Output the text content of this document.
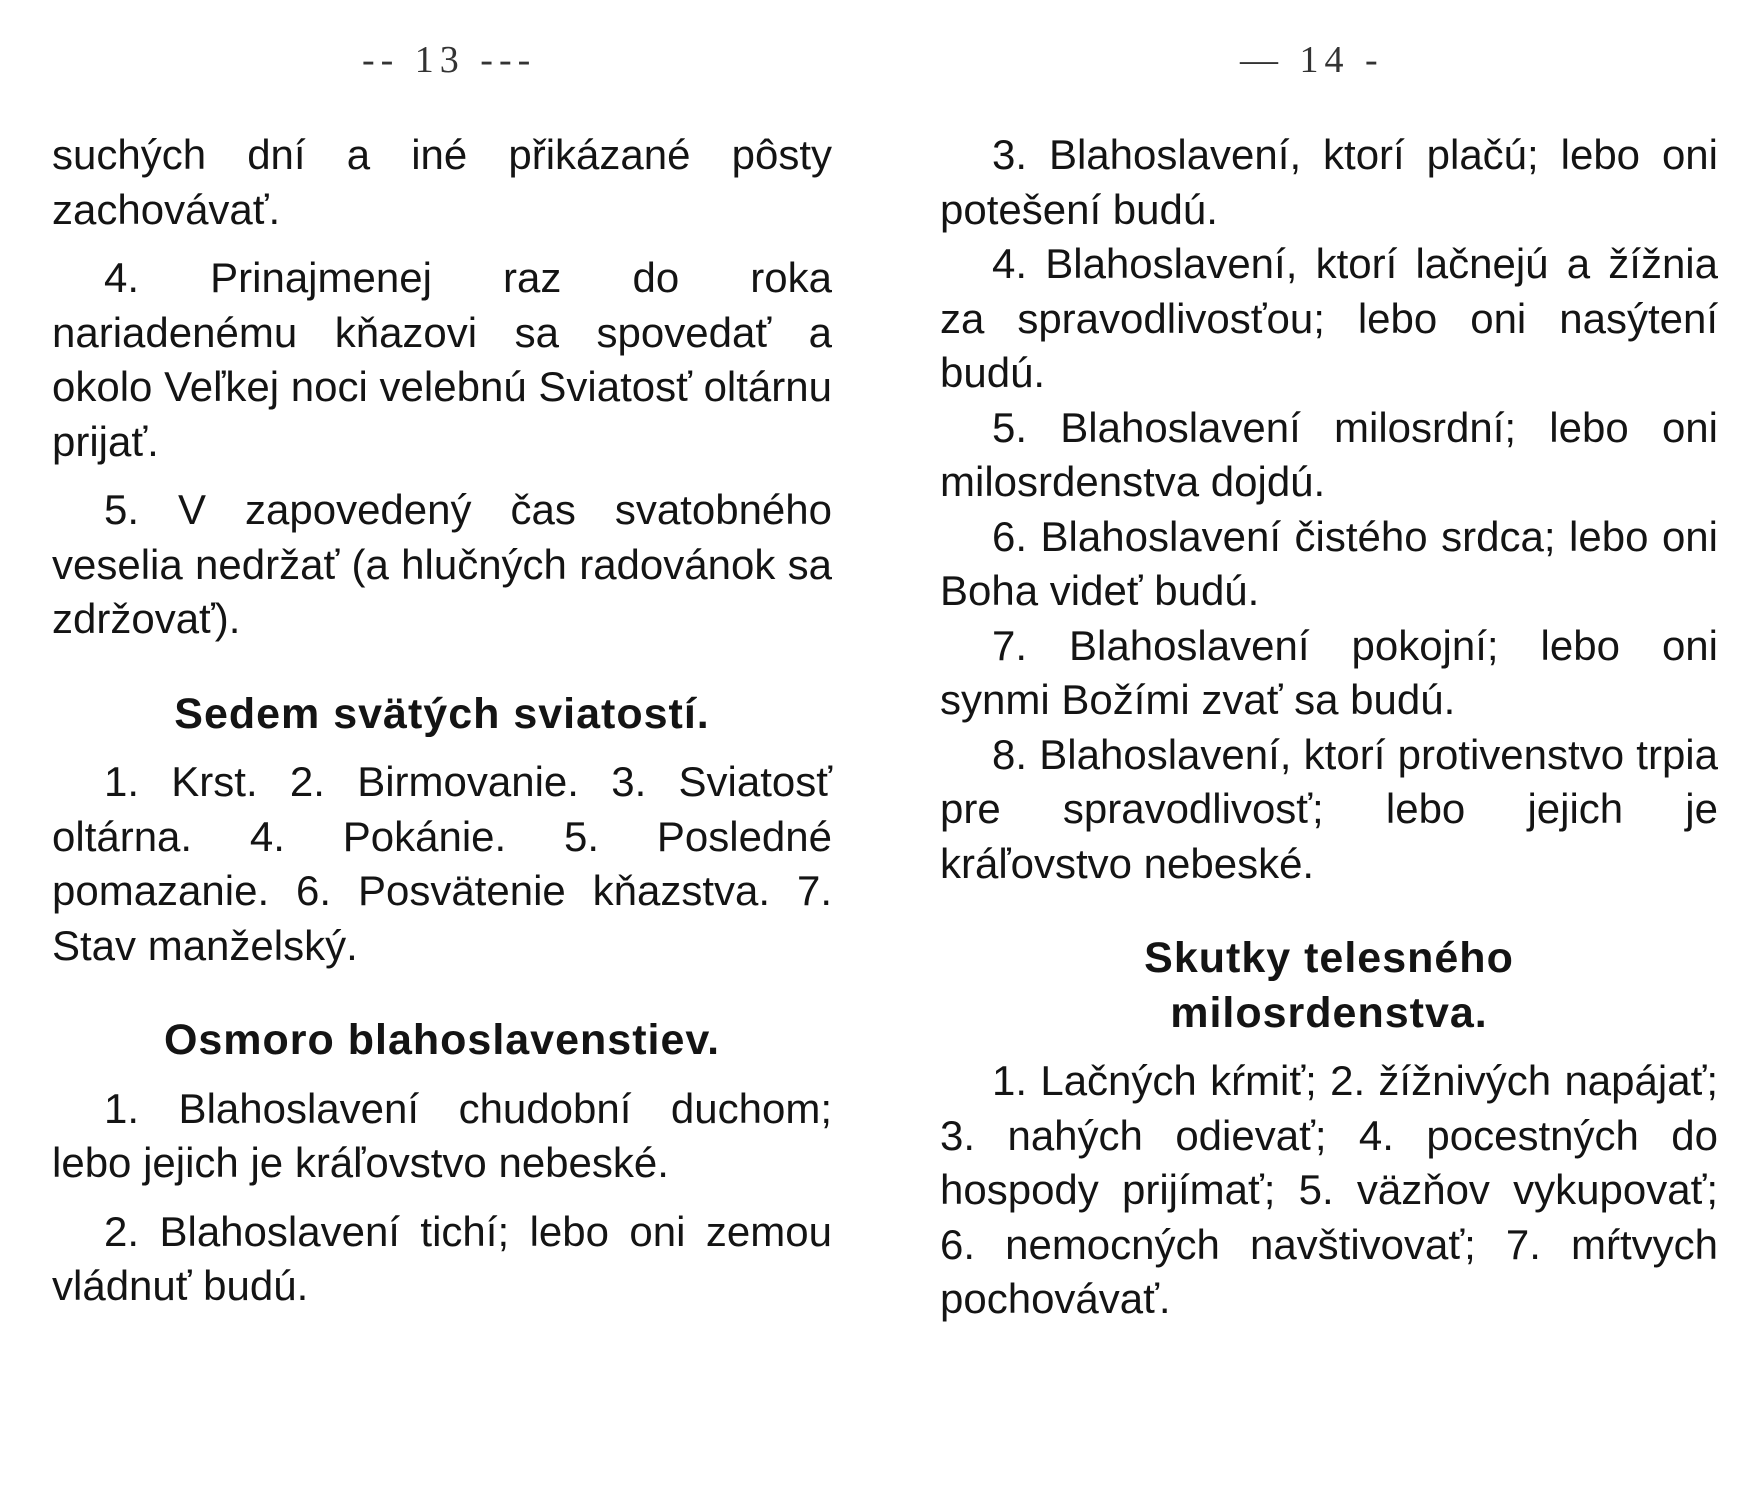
-- 13 ---

suchých dní a iné přikázané pôsty zachovávať.

4. Prinajmenej raz do roka nariadenému kňazovi sa spovedať a okolo Veľkej noci velebnú Sviatosť oltárnu prijať.

5. V zapovedený čas svatobného veselia nedržať (a hlučných radovánok sa zdržovať).

Sedem svätých sviatostí.

1. Krst. 2. Birmovanie. 3. Sviatosť oltárna. 4. Pokánie. 5. Posledné pomazanie. 6. Posvätenie kňazstva. 7. Stav manželský.

Osmoro blahoslavenstiev.

1. Blahoslavení chudobní duchom; lebo jejich je kráľovstvo nebeské.

2. Blahoslavení tichí; lebo oni zemou vládnuť budú.

— 14 -

3. Blahoslavení, ktorí plačú; lebo oni potešení budú.

4. Blahoslavení, ktorí lačnejú a žížnia za spravodlivosťou; lebo oni nasýtení budú.

5. Blahoslavení milosrdní; lebo oni milosrdenstva dojdú.

6. Blahoslavení čistého srdca; lebo oni Boha videť budú.

7. Blahoslavení pokojní; lebo oni synmi Božími zvať sa budú.

8. Blahoslavení, ktorí protivenstvo trpia pre spravodlivosť; lebo jejich je kráľovstvo nebeské.

Skutky telesného milosrdenstva.

1. Lačných kŕmiť; 2. žížnivých napájať; 3. nahých odievať; 4. pocestných do hospody prijímať; 5. väzňov vykupovať; 6. nemocných navštivovať; 7. mŕtvych pochovávať.
